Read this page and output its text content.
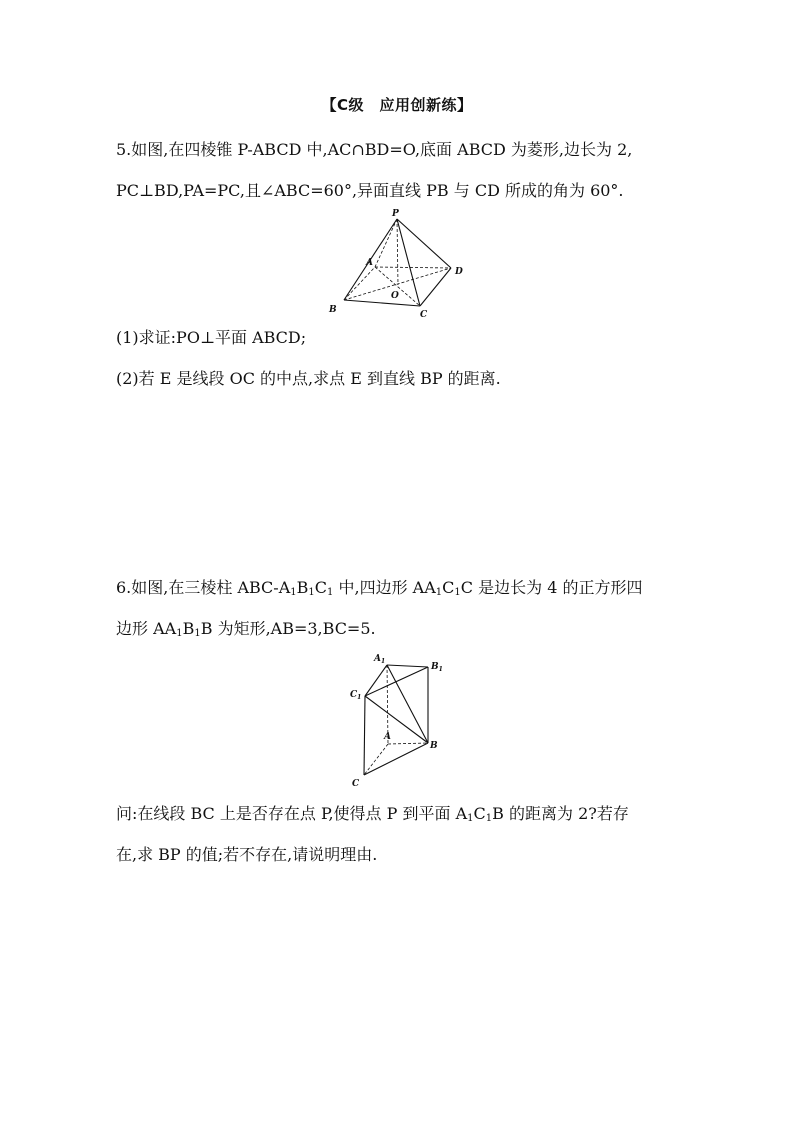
【C级　应用创新练】
5.如图,在四棱锥 P-ABCD 中,AC∩BD=O,底面 ABCD 为菱形,边长为 2,
PC⊥BD,PA=PC,且∠ABC=60°,异面直线 PB 与 CD 所成的角为 60°.
P
A
B	C
D
O
(1)求证:PO⊥平面 ABCD;
(2)若 E 是线段 OC 的中点,求点 E 到直线 BP 的距离.
6.如图,在三棱柱 ABC-$A_1B_1C_1$ 中,四边形 $AA_1C_1C$ 是边长为 4 的正方形四
边形 $AA_1B_1B$ 为矩形,AB=3,BC=5.
$A_1$
$B_1$
$C_1$
A
B
C
问:在线段 BC 上是否存在点 P,使得点 P 到平面 $A_1C_1B$ 的距离为 2?若存
在,求 BP 的值;若不存在,请说明理由.
